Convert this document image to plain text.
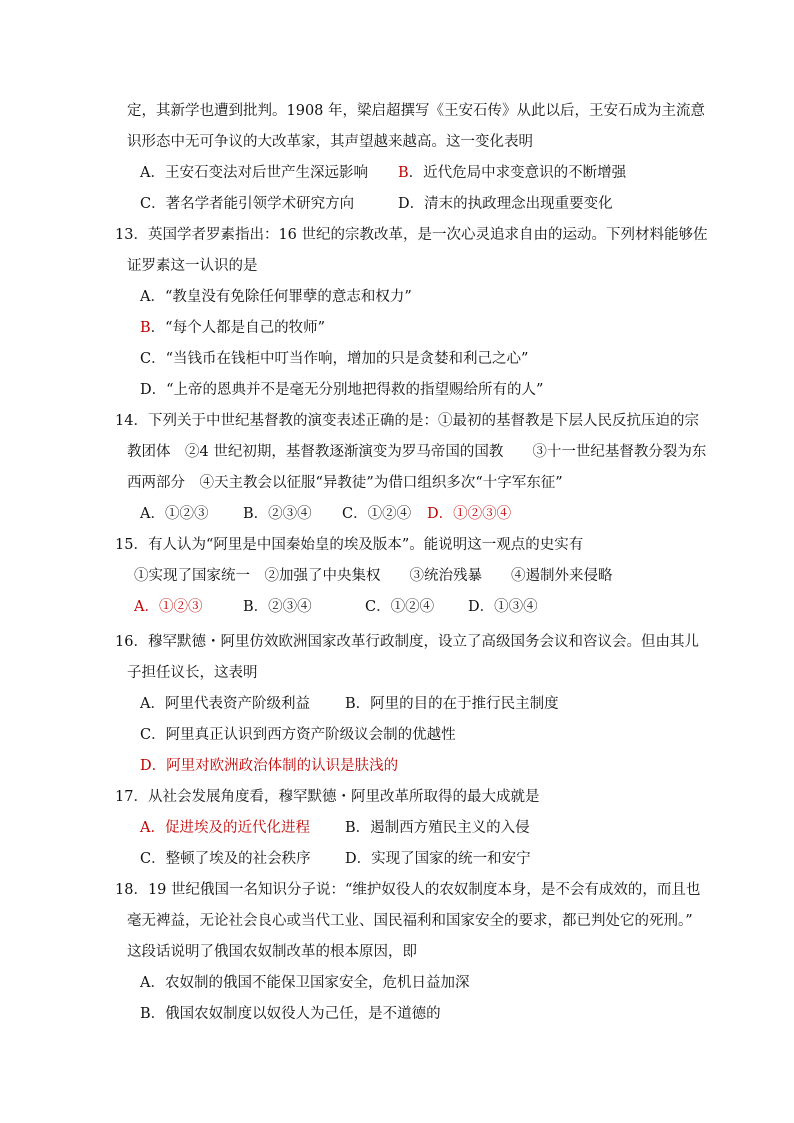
定，其新学也遭到批判。1908 年，梁启超撰写《王安石传》从此以后，王安石成为主流意
识形态中无可争议的大改革家，其声望越来越高。这一变化表明
A．王安石变法对后世产生深远影响 B．近代危局中求变意识的不断增强
C．著名学者能引领学术研究方向	D．清末的执政理念出现重要变化
13．英国学者罗素指出：16 世纪的宗教改革，是一次心灵追求自由的运动。下列材料能够佐
证罗素这一认识的是
A．“教皇没有免除任何罪孽的意志和权力”
B．“每个人都是自己的牧师”
C．“当钱币在钱柜中叮当作响，增加的只是贪婪和利己之心”
D．“上帝的恩典并不是毫无分别地把得救的指望赐给所有的人”
14．下列关于中世纪基督教的演变表述正确的是：①最初的基督教是下层人民反抗压迫的宗
教团体　②4 世纪初期，基督教逐渐演变为罗马帝国的国教　　③十一世纪基督教分裂为东
西两部分　④天主教会以征服“异教徒”为借口组织多次“十字军东征”
A．①②③ B．②③④ C．①②④ D．①②③④
15．有人认为“阿里是中国秦始皇的埃及版本”。能说明这一观点的史实有
①实现了国家统一　②加强了中央集权　　③统治残暴　　④遏制外来侵略
A．①②③	B．②③④	C．①②④ D．①③④
16．穆罕默德・阿里仿效欧洲国家改革行政制度，设立了高级国务会议和咨议会。但由其儿
子担任议长，这表明
A．阿里代表资产阶级利益 B．阿里的目的在于推行民主制度
C．阿里真正认识到西方资产阶级议会制的优越性
D．阿里对欧洲政治体制的认识是肤浅的
17．从社会发展角度看，穆罕默德・阿里改革所取得的最大成就是
A．促进埃及的近代化进程 B．遏制西方殖民主义的入侵
C．整顿了埃及的社会秩序 D．实现了国家的统一和安宁
18．19 世纪俄国一名知识分子说：“维护奴役人的农奴制度本身，是不会有成效的，而且也
毫无裨益，无论社会良心或当代工业、国民福利和国家安全的要求，都已判处它的死刑。”
这段话说明了俄国农奴制改革的根本原因，即
A．农奴制的俄国不能保卫国家安全，危机日益加深
B．俄国农奴制度以奴役人为己任，是不道德的
